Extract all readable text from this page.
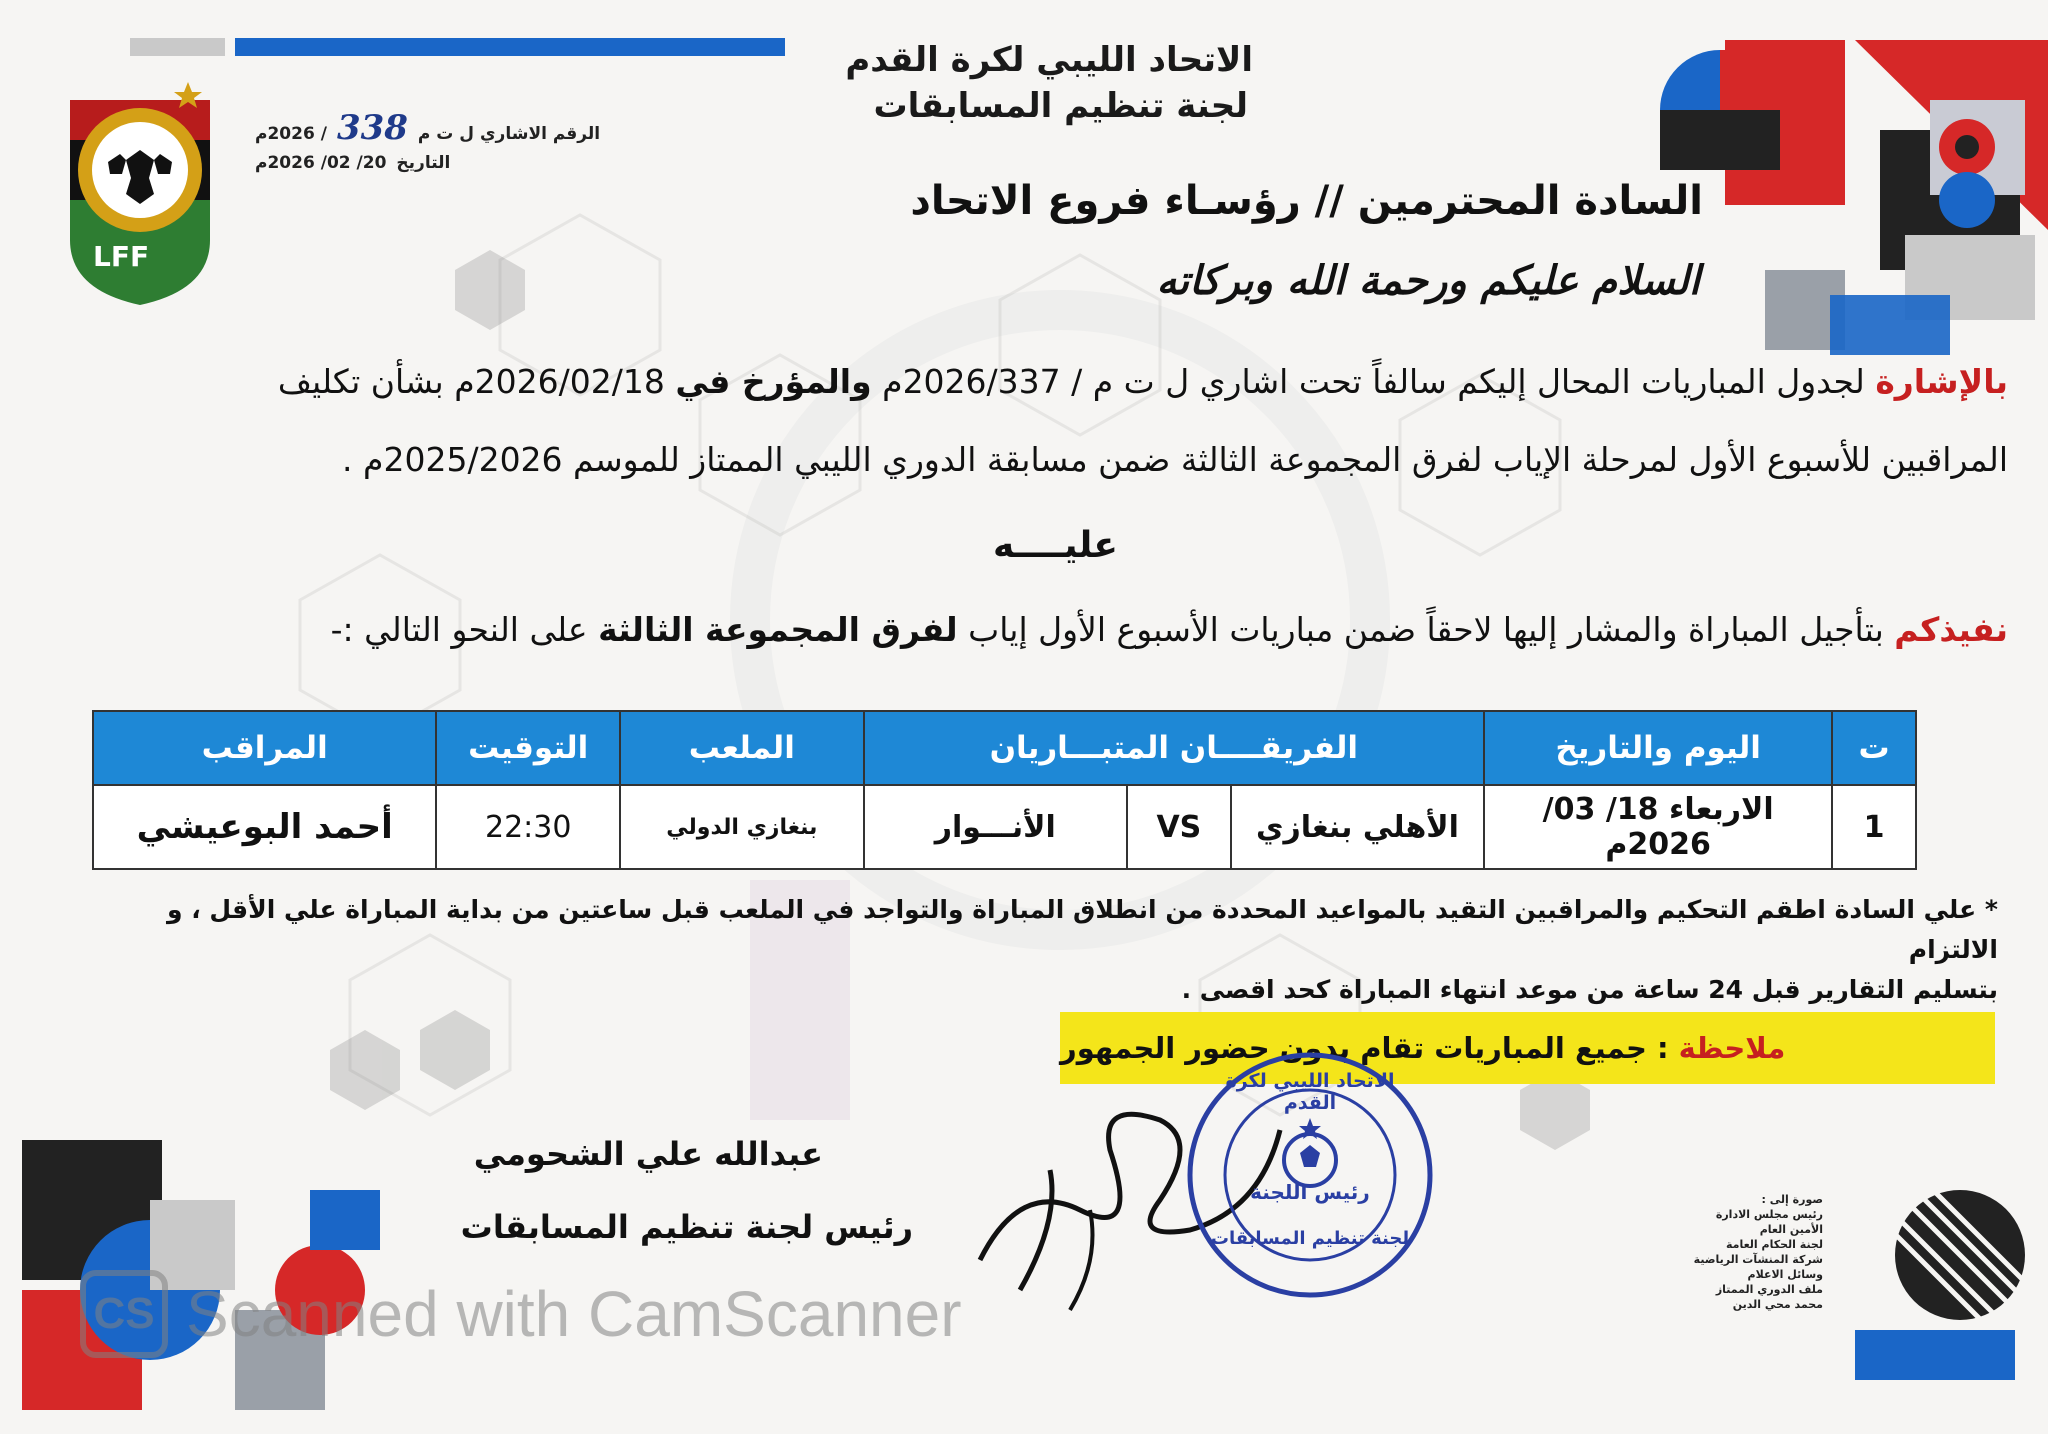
LFF
الاتحاد الليبي لكرة القدم
لجنة تنظيم المسابقات
الرقم الاشاري ل ت م
338
/ 2026م
التاريخ
20/ 02/ 2026م
السادة المحترمين // رؤسـاء فروع الاتحاد
السلام عليكم ورحمة الله وبركاته
بالإشارة لجدول المباريات المحال إليكم سالفاً تحت اشاري ل ت م / 2026/337م والمؤرخ في 2026/02/18م بشأن تكليف
المراقبين للأسبوع الأول لمرحلة الإياب لفرق المجموعة الثالثة ضمن مسابقة الدوري الليبي الممتاز للموسم 2025/2026م .
عليــــه
نفيذكم بتأجيل المباراة والمشار إليها لاحقاً ضمن مباريات الأسبوع الأول إياب لفرق المجموعة الثالثة على النحو التالي :-
ت	اليوم والتاريخ	الفريقــــان المتبـــاريان			الملعب	التوقيت	المراقب
1	الاربعاء 18/ 03/ 2026م	الأهلي بنغازي	VS	الأنـــوار	بنغازي الدولي	22:30	أحمد البوعيشي
* علي السادة اطقم التحكيم والمراقبين التقيد بالمواعيد المحددة من انطلاق المباراة والتواجد في الملعب قبل ساعتين من بداية المباراة علي الأقل ، و الالتزام
بتسليم التقارير قبل 24 ساعة من موعد انتهاء المباراة كحد اقصى .
ملاحظة
:
جميع المباريات تقام بدون حضور الجمهور
عبدالله علي الشحومي
رئيس لجنة تنظيم المسابقات
رئيس اللجنة
الاتحاد الليبي لكرة القدم
لجنة تنظيم المسابقات
صورة إلى :
رئيس مجلس الادارة
الأمين العام
لجنة الحكام العامة
شركة المنشآت الرياضية
وسائل الاعلام
ملف الدوري الممتاز
محمد محي الدين
CS Scanned with CamScanner
